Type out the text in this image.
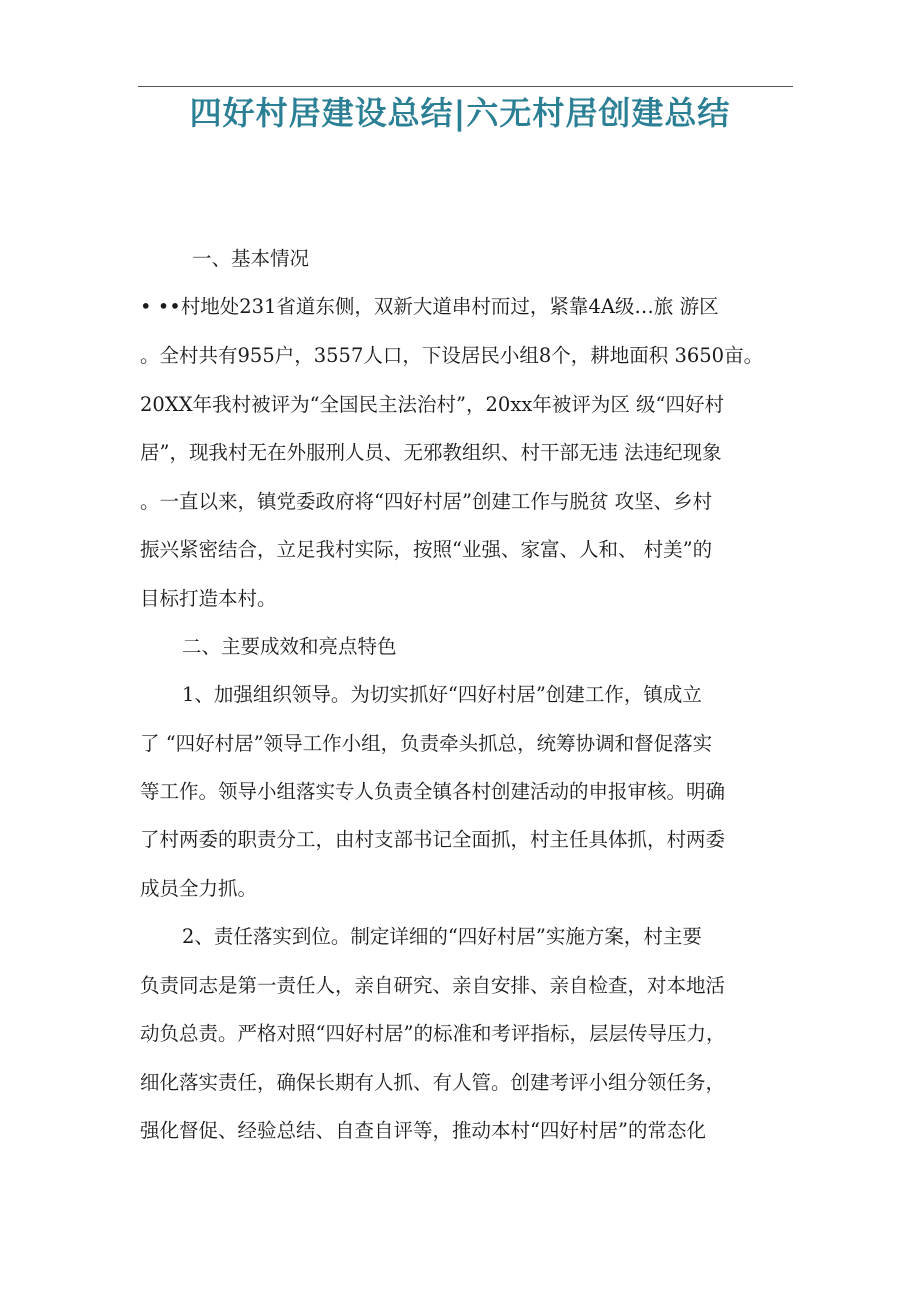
四好村居建设总结|六无村居创建总结
一、基本情况
• ••村地处231省道东侧，双新大道串村而过，紧靠4A级…旅 游区
。全村共有955户，3557人口，下设居民小组8个，耕地面积 3650亩。
20XX年我村被评为“全国民主法治村”，20xx年被评为区 级“四好村
居”，现我村无在外服刑人员、无邪教组织、村干部无违 法违纪现象
。一直以来，镇党委政府将“四好村居”创建工作与脱贫 攻坚、乡村
振兴紧密结合，立足我村实际，按照“业强、家富、人和、 村美”的
目标打造本村。
二、主要成效和亮点特色
1、加强组织领导。为切实抓好“四好村居”创建工作，镇成立
了 “四好村居”领导工作小组，负责牵头抓总，统筹协调和督促落实
等工作。领导小组落实专人负责全镇各村创建活动的申报审核。明确
了村两委的职责分工，由村支部书记全面抓，村主任具体抓，村两委
成员全力抓。
2、责任落实到位。制定详细的“四好村居”实施方案，村主要
负责同志是第一责任人，亲自研究、亲自安排、亲自检查，对本地活
动负总责。严格对照“四好村居”的标准和考评指标，层层传导压力，
细化落实责任，确保长期有人抓、有人管。创建考评小组分领任务，
强化督促、经验总结、自查自评等，推动本村“四好村居”的常态化
